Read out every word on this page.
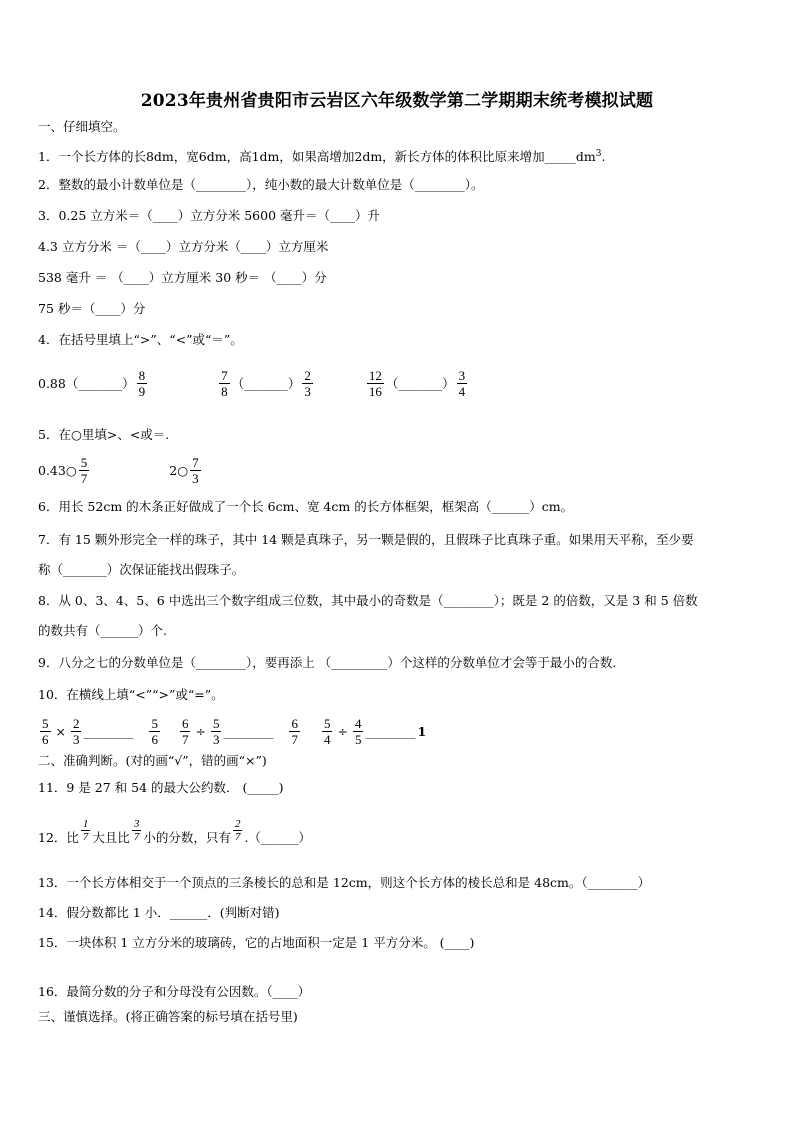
2023年贵州省贵阳市云岩区六年级数学第二学期期末统考模拟试题
一、仔细填空。
1．一个长方体的长8dm，宽6dm，高1dm，如果高增加2dm，新长方体的体积比原来增加$\_\_\_\_\_dm^3$.
2．整数的最小计数单位是（________），纯小数的最大计数单位是（________）。
3．0.25 立方米＝（____）立方分米 5600 毫升＝（____）升
4.3 立方分米 ＝（____）立方分米（____）立方厘米
538 毫升 ＝ （____）立方厘米 30 秒＝ （____）分
75 秒＝（____）分
4．在括号里填上“>”、“<”或“＝”。
0.88（_______） $\frac{8}{9}$	$\frac{7}{8}$ （_______） $\frac{2}{3}$	$\frac{12}{16}$ （_______） $\frac{3}{4}$
5．在○里填>、<或＝.
0.43○ $\frac{5}{7}$	2○ $\frac{7}{3}$
6．用长 52cm 的木条正好做成了一个长 6cm、宽 4cm 的长方体框架，框架高（______）cm。
7．有 15 颗外形完全一样的珠子，其中 14 颗是真珠子，另一颗是假的，且假珠子比真珠子重。如果用天平称，至少要
称（_______）次保证能找出假珠子。
8．从 0、3、4、5、6 中选出三个数字组成三位数，其中最小的奇数是（________）；既是 2 的倍数，又是 3 和 5 倍数
的数共有（______）个.
9．八分之七的分数单位是（________），要再添上 （_________）个这样的分数单位才会等于最小的合数.
10．在横线上填“<”“>”或“=”。
$\frac{5}{6} \times \frac{2}{3}$ ________ $\frac{5}{6} \frac{6}{7} \div \frac{5}{3}$ ________ $\frac{6}{7} \frac{5}{4} \div \frac{4}{5}$ ________ 1
二、准确判断。(对的画“√”，错的画“×”)
11．9 是 27 和 54 的最大公约数． (_____)
12．比 $\frac{1}{7}$ 大且比 $\frac{3}{7}$ 小的分数，只有 $\frac{2}{7}$ .（______）
13．一个长方体相交于一个顶点的三条棱长的总和是 12cm，则这个长方体的棱长总和是 48cm。（________）
14．假分数都比 1 小．______．(判断对错)
15．一块体积 1 立方分米的玻璃砖，它的占地面积一定是 1 平方分米。 (____)
16．最简分数的分子和分母没有公因数。（____）
三、谨慎选择。(将正确答案的标号填在括号里)
